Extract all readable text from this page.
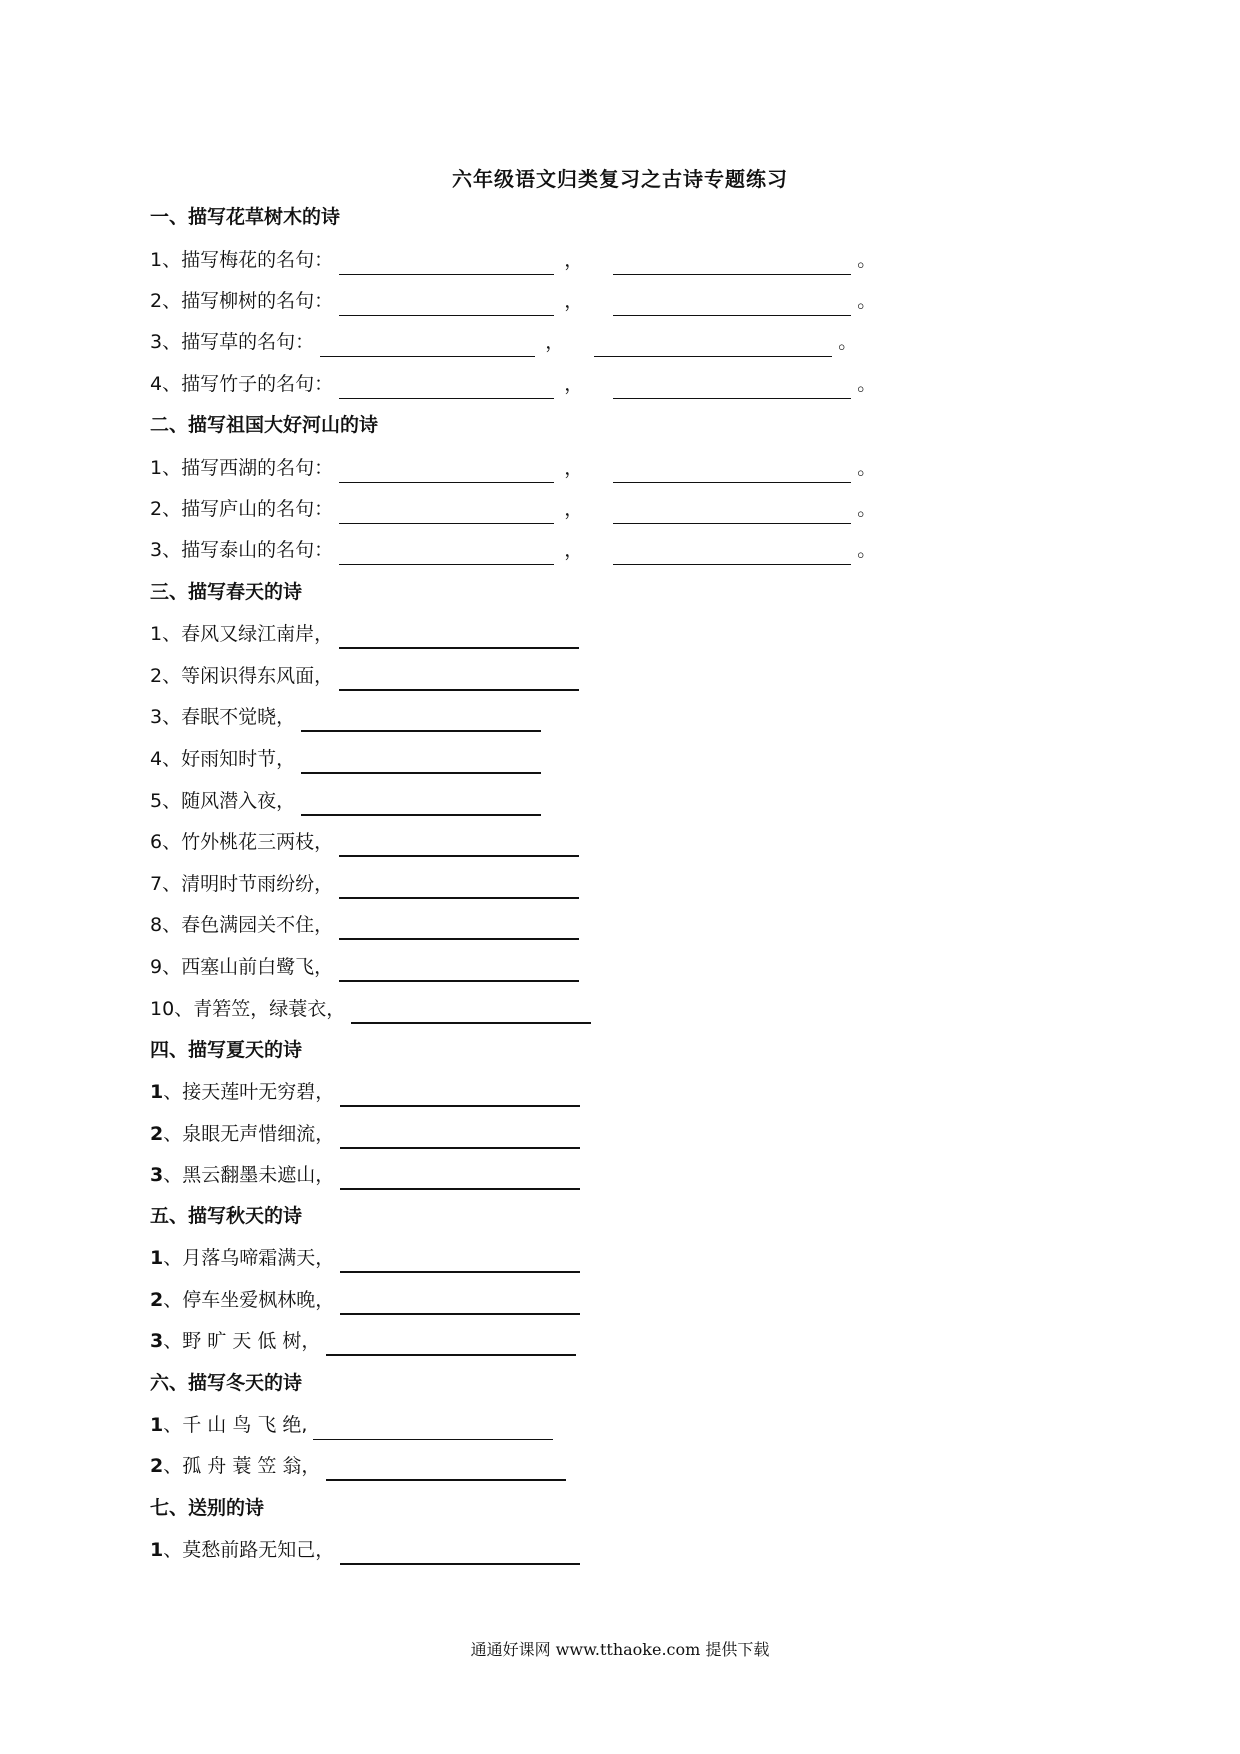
六年级语文归类复习之古诗专题练习
一、描写花草树木的诗
1、描写梅花的名句：	，	。
2、描写柳树的名句：	，	。
3、描写草的名句：	，	。
4、描写竹子的名句：	，	。
二、描写祖国大好河山的诗
1、描写西湖的名句：	，	。
2、描写庐山的名句：	，	。
3、描写泰山的名句：	，	。
三、描写春天的诗
1、春风又绿江南岸，
2、等闲识得东风面，
3、春眠不觉晓，
4、好雨知时节，
5、随风潜入夜，
6、竹外桃花三两枝，
7、清明时节雨纷纷，
8、春色满园关不住，
9、西塞山前白鹭飞，
10、青箬笠，绿蓑衣，
四、描写夏天的诗
1、接天莲叶无穷碧，
2、泉眼无声惜细流，
3、黑云翻墨未遮山，
五、描写秋天的诗
1、月落乌啼霜满天，
2、停车坐爱枫林晚，
3、野 旷 天 低 树，
六、描写冬天的诗
1、千 山 鸟 飞 绝,
2、孤 舟 蓑 笠 翁，
七、送别的诗
1、莫愁前路无知己，
通通好课网 www.tthaoke.com 提供下载
